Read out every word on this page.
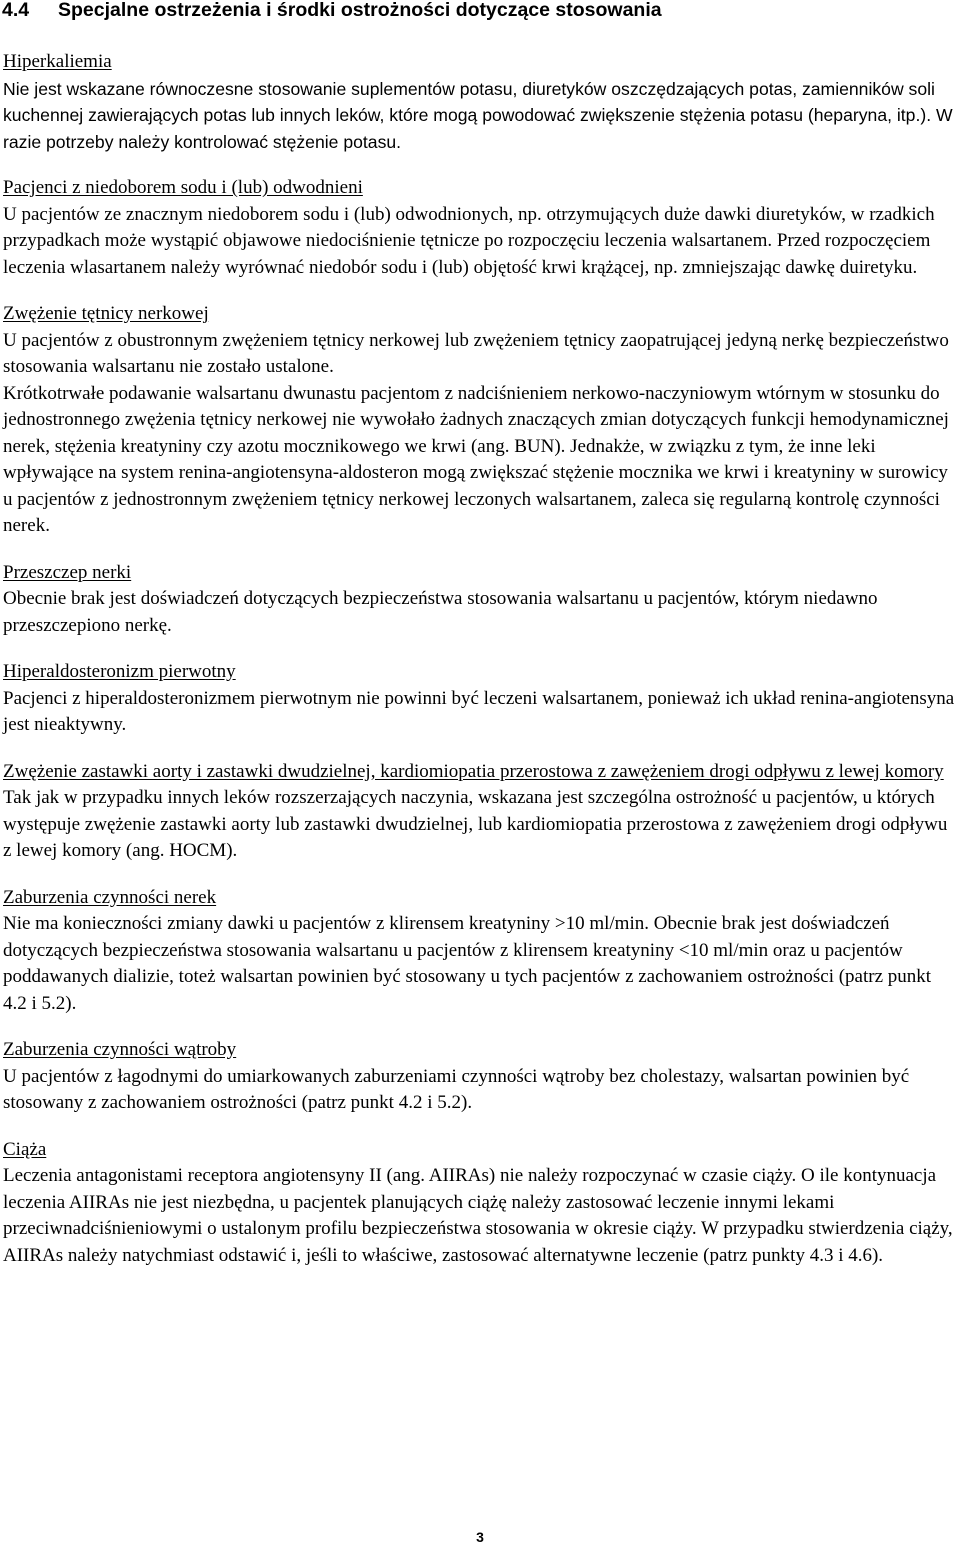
4.4 Specjalne ostrzeżenia i środki ostrożności dotyczące stosowania
Hiperkaliemia
Nie jest wskazane równoczesne stosowanie suplementów potasu, diuretyków oszczędzających potas, zamienników soli kuchennej zawierających potas lub innych leków, które mogą powodować zwiększenie stężenia potasu (heparyna, itp.). W razie potrzeby należy kontrolować stężenie potasu.
Pacjenci z niedoborem sodu i (lub) odwodnieni
U pacjentów ze znacznym niedoborem sodu i (lub) odwodnionych, np. otrzymujących duże dawki diuretyków, w rzadkich przypadkach może wystąpić objawowe niedociśnienie tętnicze po rozpoczęciu leczenia walsartanem. Przed rozpoczęciem leczenia wlasartanem należy wyrównać niedobór sodu i (lub) objętość krwi krążącej, np. zmniejszając dawkę duiretyku.
Zwężenie tętnicy nerkowej
U pacjentów z obustronnym zwężeniem tętnicy nerkowej lub zwężeniem tętnicy zaopatrującej jedyną nerkę bezpieczeństwo stosowania walsartanu nie zostało ustalone.
Krótkotrwałe podawanie walsartanu dwunastu pacjentom z nadciśnieniem nerkowo-naczyniowym wtórnym w stosunku do jednostronnego zwężenia tętnicy nerkowej nie wywołało żadnych znaczących zmian dotyczących funkcji hemodynamicznej nerek, stężenia kreatyniny czy azotu mocznikowego we krwi (ang. BUN). Jednakże, w związku z tym, że inne leki wpływające na system renina-angiotensyna-aldosteron mogą zwiększać stężenie mocznika we krwi i kreatyniny w surowicy u pacjentów z jednostronnym zwężeniem tętnicy nerkowej leczonych walsartanem, zaleca się regularną kontrolę czynności nerek.
Przeszczep nerki
Obecnie brak jest doświadczeń dotyczących bezpieczeństwa stosowania walsartanu u pacjentów, którym niedawno przeszczepiono nerkę.
Hiperaldosteronizm pierwotny
Pacjenci z hiperaldosteronizmem pierwotnym nie powinni być leczeni walsartanem, ponieważ ich układ renina-angiotensyna jest nieaktywny.
Zwężenie zastawki aorty i zastawki dwudzielnej, kardiomiopatia przerostowa z zawężeniem drogi odpływu z lewej komory
Tak jak w przypadku innych leków rozszerzających naczynia, wskazana jest szczególna ostrożność u pacjentów, u których występuje zwężenie zastawki aorty lub zastawki dwudzielnej, lub kardiomiopatia przerostowa z zawężeniem drogi odpływu z lewej komory (ang. HOCM).
Zaburzenia czynności nerek
Nie ma konieczności zmiany dawki u pacjentów z klirensem kreatyniny >10 ml/min. Obecnie brak jest doświadczeń dotyczących bezpieczeństwa stosowania walsartanu u pacjentów z klirensem kreatyniny <10 ml/min oraz u pacjentów poddawanych dializie, toteż walsartan powinien być stosowany u tych pacjentów z zachowaniem ostrożności (patrz punkt 4.2 i 5.2).
Zaburzenia czynności wątroby
U pacjentów z łagodnymi do umiarkowanych zaburzeniami czynności wątroby bez cholestazy, walsartan powinien być stosowany z zachowaniem ostrożności (patrz punkt 4.2 i 5.2).
Ciąża
Leczenia antagonistami receptora angiotensyny II (ang. AIIRAs) nie należy rozpoczynać w czasie ciąży. O ile kontynuacja leczenia AIIRAs nie jest niezbędna, u pacjentek planujących ciążę należy zastosować leczenie innymi lekami przeciwnadciśnieniowymi o ustalonym profilu bezpieczeństwa stosowania w okresie ciąży. W przypadku stwierdzenia ciąży, AIIRAs należy natychmiast odstawić i, jeśli to właściwe, zastosować alternatywne leczenie (patrz punkty 4.3 i 4.6).
3
